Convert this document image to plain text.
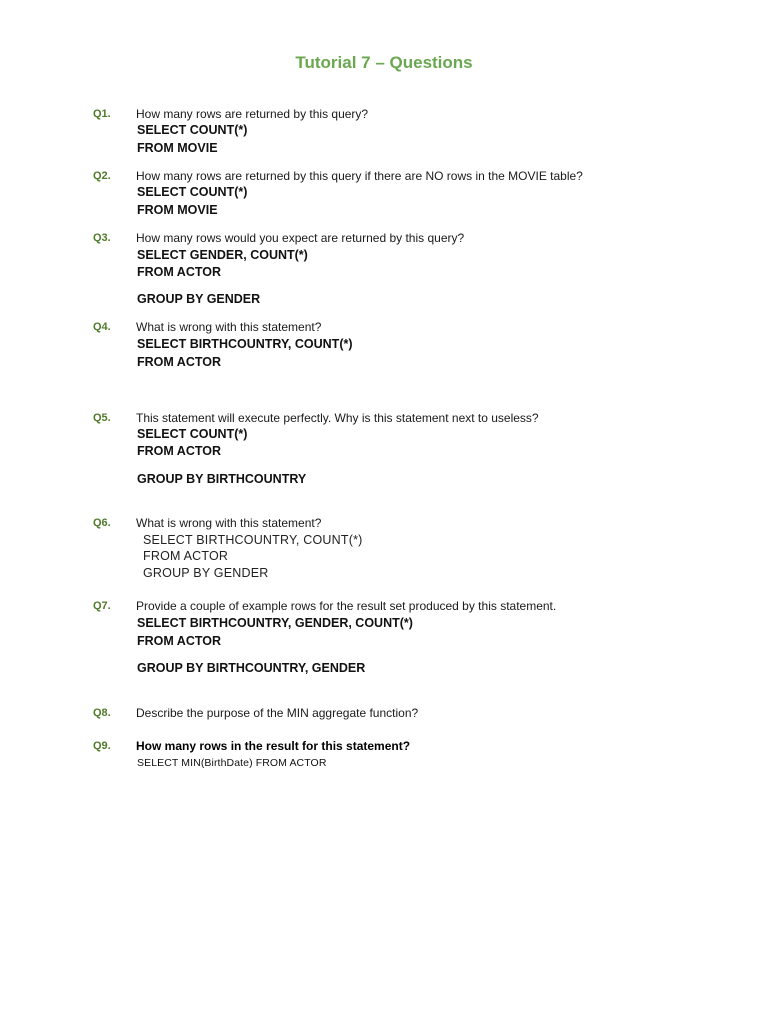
Tutorial 7 – Questions
Q1. How many rows are returned by this query?
SELECT COUNT(*)
FROM MOVIE
Q2. How many rows are returned by this query if there are NO rows in the MOVIE table?
SELECT COUNT(*)
FROM MOVIE
Q3. How many rows would you expect are returned by this query?
SELECT GENDER, COUNT(*)
FROM ACTOR
GROUP BY GENDER
Q4. What is wrong with this statement?
SELECT BIRTHCOUNTRY, COUNT(*)
FROM ACTOR
Q5. This statement will execute perfectly. Why is this statement next to useless?
SELECT COUNT(*)
FROM ACTOR
GROUP BY BIRTHCOUNTRY
Q6. What is wrong with this statement?
SELECT BIRTHCOUNTRY, COUNT(*)
FROM ACTOR
GROUP BY GENDER
Q7. Provide a couple of example rows for the result set produced by this statement.
SELECT BIRTHCOUNTRY, GENDER, COUNT(*)
FROM ACTOR
GROUP BY BIRTHCOUNTRY, GENDER
Q8. Describe the purpose of the MIN aggregate function?
Q9. How many rows in the result for this statement?
SELECT MIN(BirthDate) FROM ACTOR
